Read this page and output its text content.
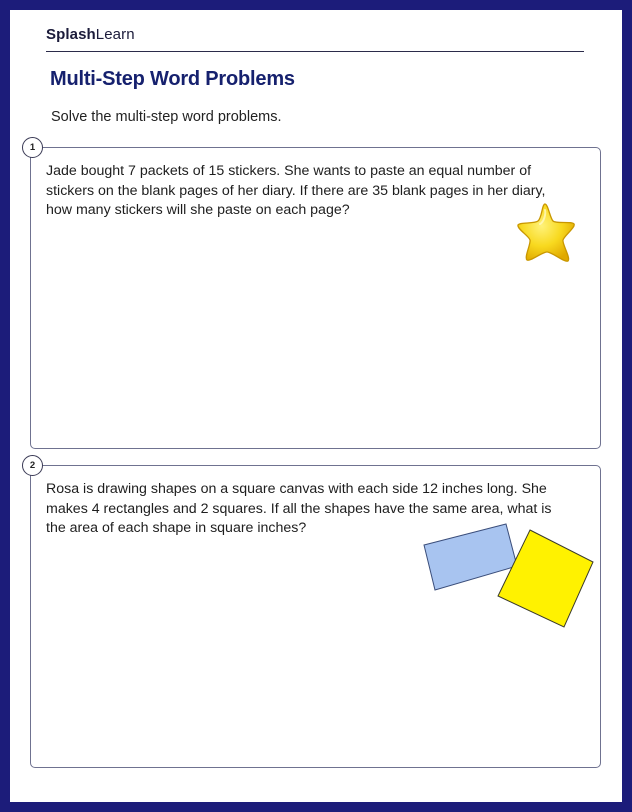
SplashLearn
Multi-Step Word Problems
Solve the multi-step word problems.
1
Jade bought 7 packets of 15 stickers. She wants to paste an equal number of stickers on the blank pages of her diary. If there are 35 blank pages in her diary, how many stickers will she paste on each page?
2
Rosa is drawing shapes on a square canvas with each side 12 inches long. She makes 4 rectangles and 2 squares. If all the shapes have the same area, what is the area of each shape in square inches?
